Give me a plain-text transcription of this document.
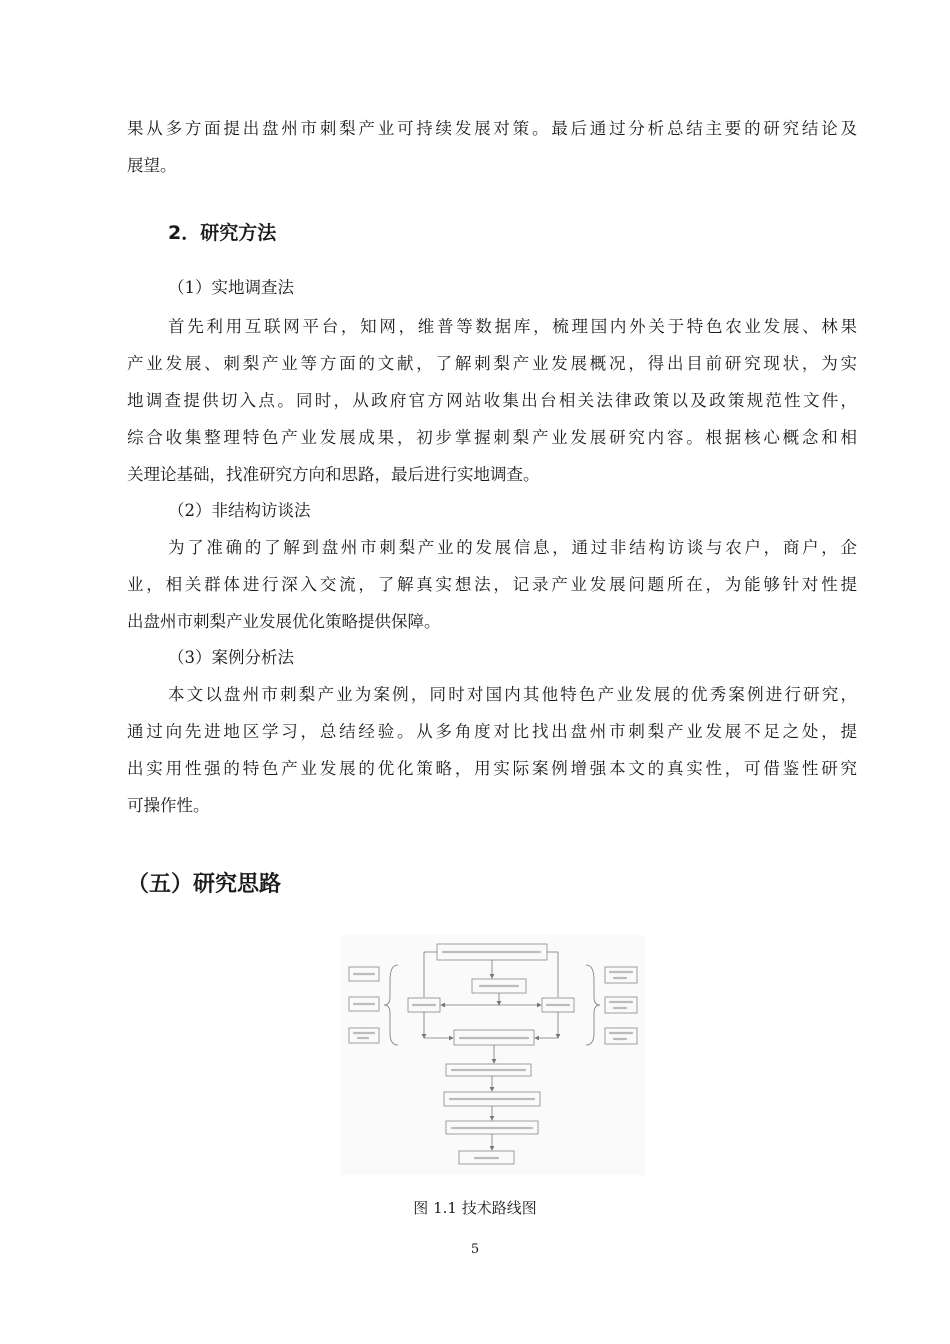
果从多方面提出盘州市刺梨产业可持续发展对策。最后通过分析总结主要的研究结论及
展望。
2．研究方法
（1）实地调查法
首先利用互联网平台，知网，维普等数据库，梳理国内外关于特色农业发展、林果
产业发展、刺梨产业等方面的文献，了解刺梨产业发展概况，得出目前研究现状，为实
地调查提供切入点。同时，从政府官方网站收集出台相关法律政策以及政策规范性文件，
综合收集整理特色产业发展成果，初步掌握刺梨产业发展研究内容。根据核心概念和相
关理论基础，找准研究方向和思路，最后进行实地调查。
（2）非结构访谈法
为了准确的了解到盘州市刺梨产业的发展信息，通过非结构访谈与农户，商户，企
业，相关群体进行深入交流，了解真实想法，记录产业发展问题所在，为能够针对性提
出盘州市刺梨产业发展优化策略提供保障。
（3）案例分析法
本文以盘州市刺梨产业为案例，同时对国内其他特色产业发展的优秀案例进行研究，
通过向先进地区学习，总结经验。从多角度对比找出盘州市刺梨产业发展不足之处，提
出实用性强的特色产业发展的优化策略，用实际案例增强本文的真实性，可借鉴性研究
可操作性。
（五）研究思路
图 1.1 技术路线图
5
